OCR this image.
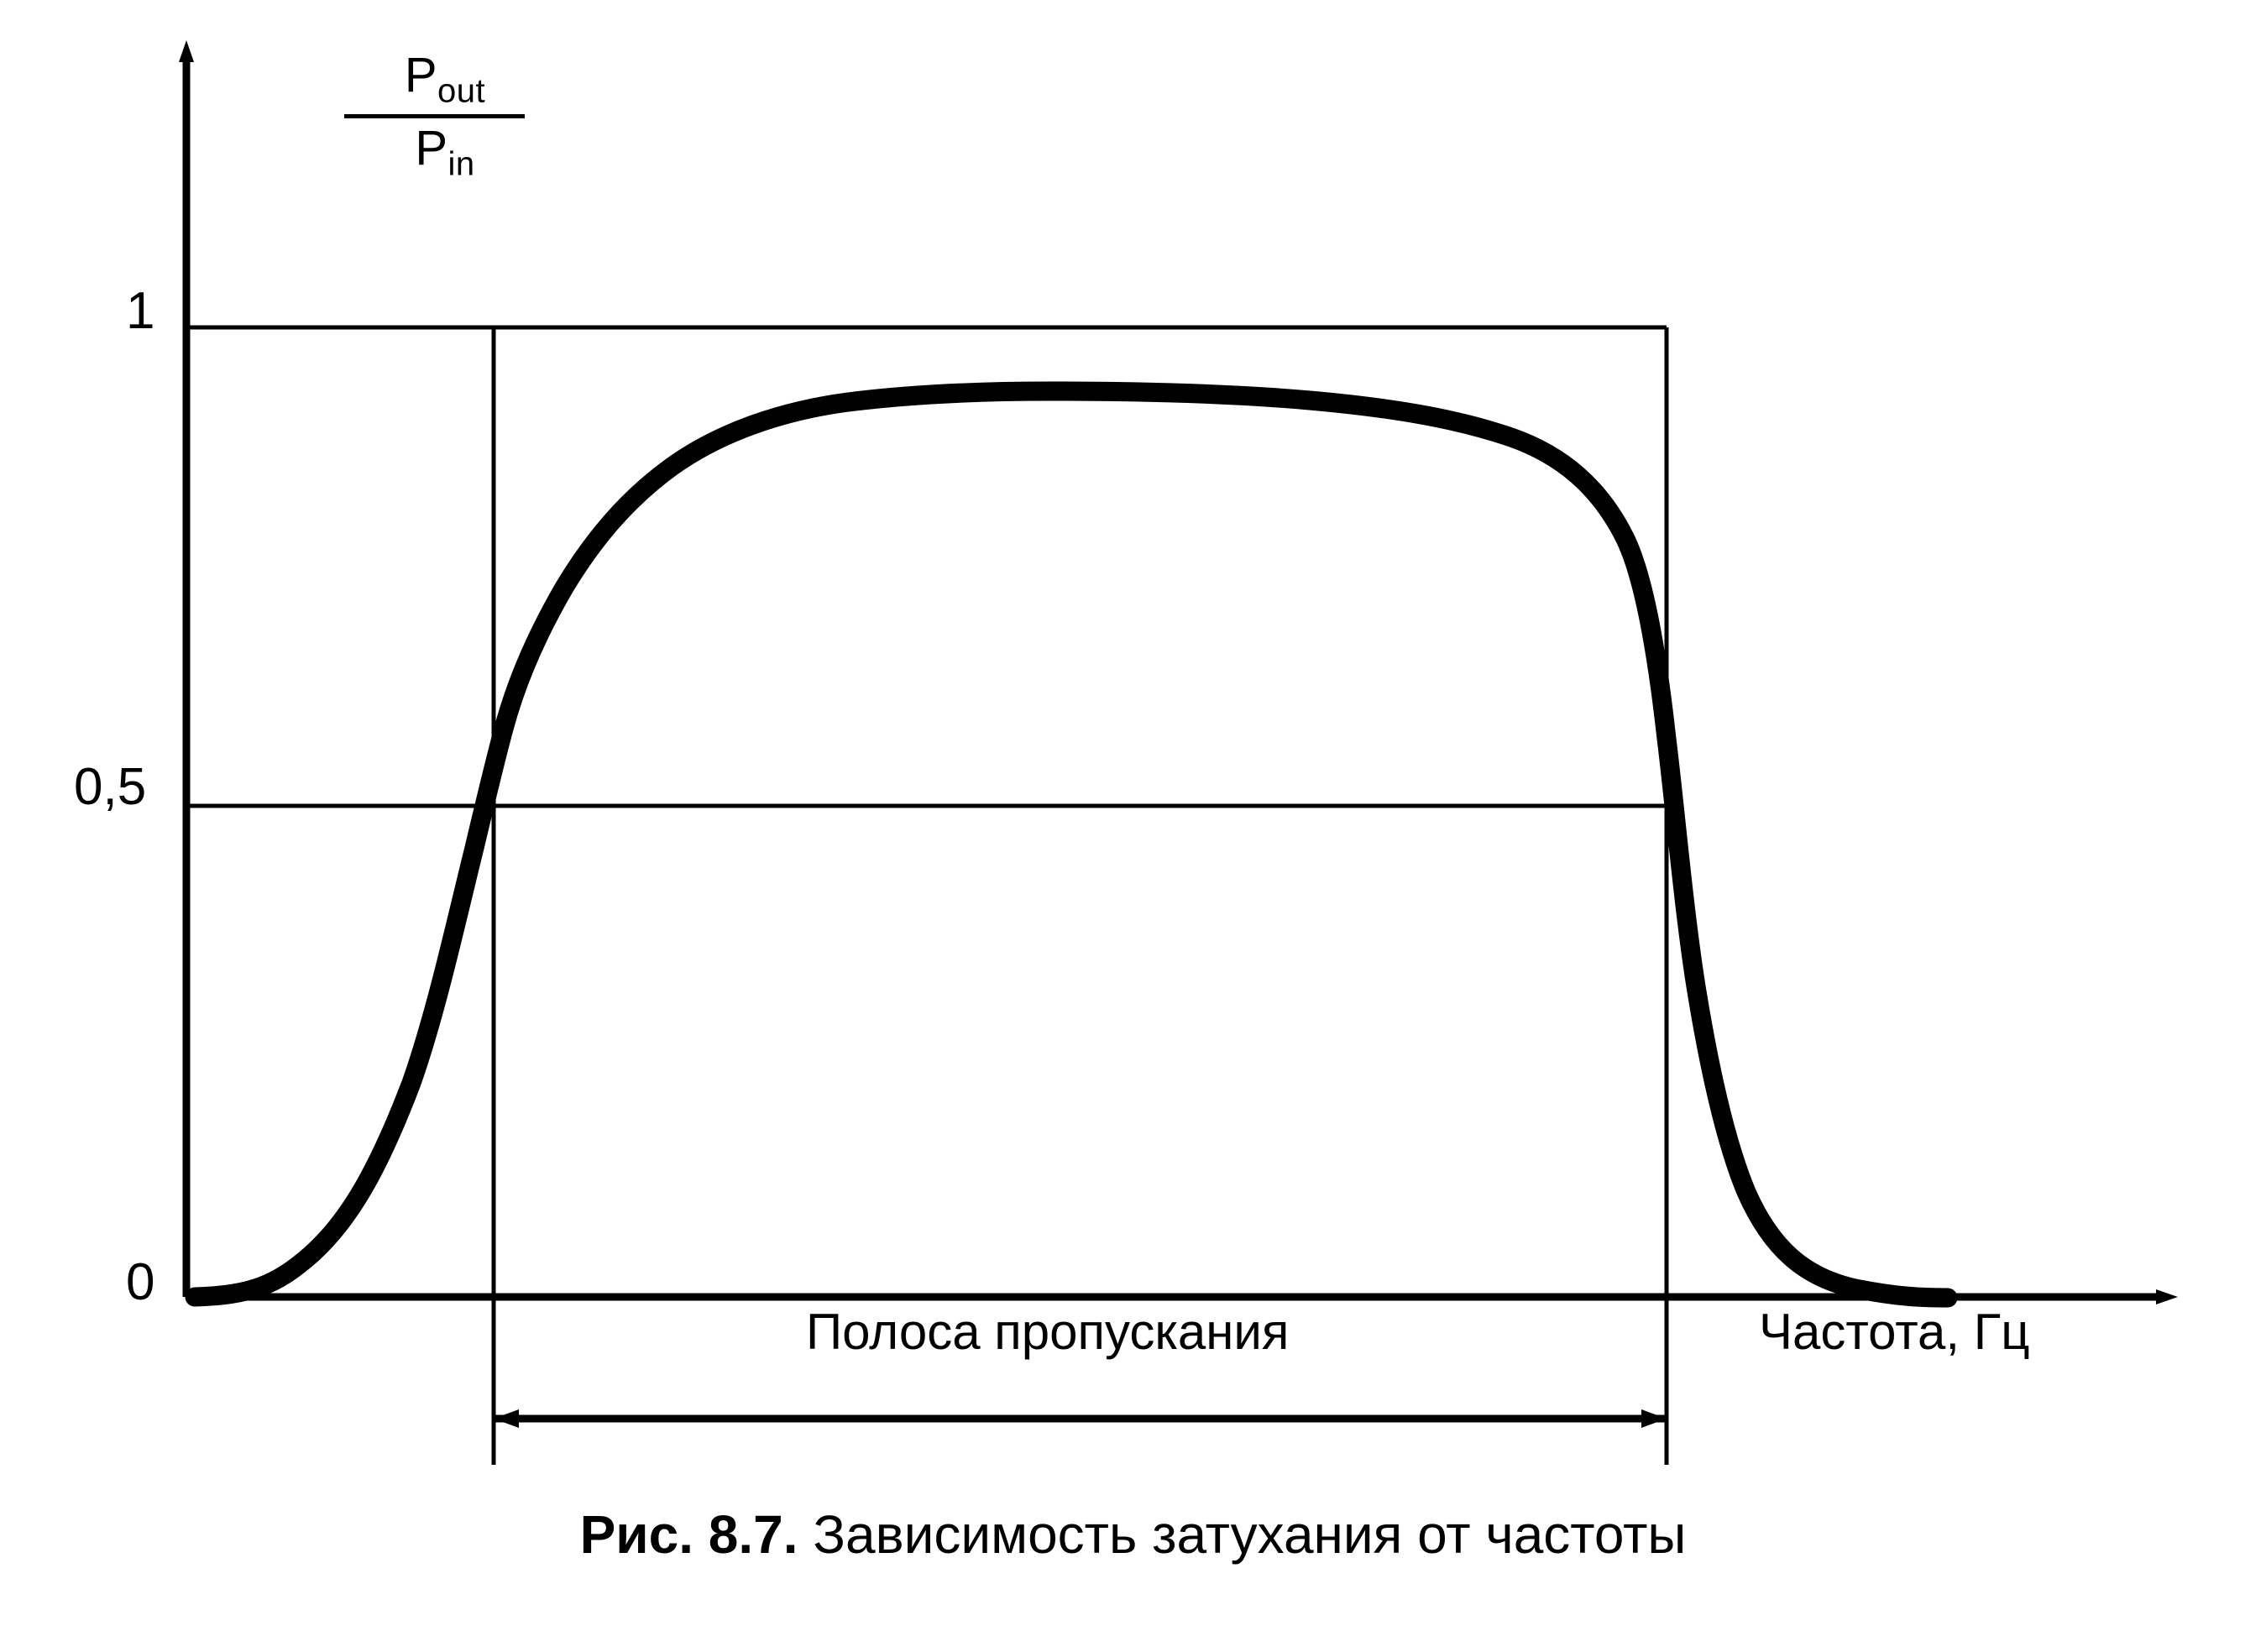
1
0,5
0
$P_{out}$
$P_{in}$
Полоса пропускания	Частота, Гц
Рис. 8.7. Зависимость затухания от частоты
